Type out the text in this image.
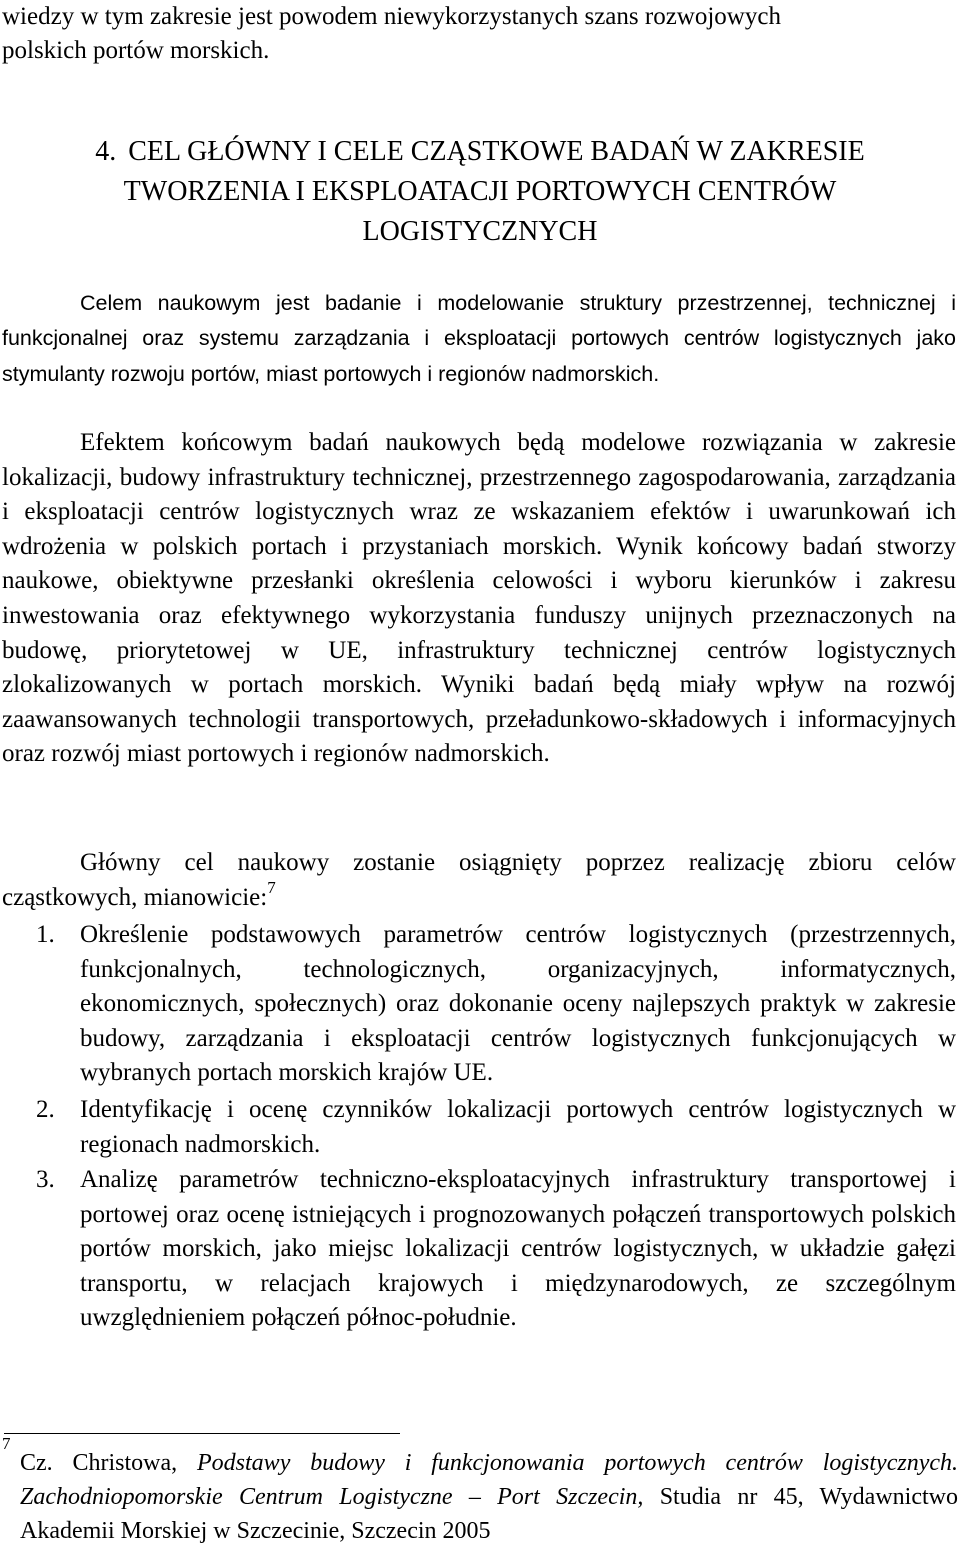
wiedzy w tym zakresie jest powodem niewykorzystanych szans rozwojowych
polskich portów morskich.
4. CEL GŁÓWNY I CELE CZĄSTKOWE BADAŃ W ZAKRESIE
TWORZENIA I EKSPLOATACJI PORTOWYCH CENTRÓW
LOGISTYCZNYCH

Celem naukowym jest badanie i modelowanie struktury przestrzennej, technicznej i funkcjonalnej oraz systemu zarządzania i eksploatacji portowych centrów logistycznych jako stymulanty rozwoju portów, miast portowych i regionów nadmorskich.

Efektem końcowym badań naukowych będą modelowe rozwiązania w zakresie lokalizacji, budowy infrastruktury technicznej, przestrzennego zagospodarowania, zarządzania i eksploatacji centrów logistycznych wraz ze wskazaniem efektów i uwarunkowań ich wdrożenia w polskich portach i przystaniach morskich. Wynik końcowy badań stworzy naukowe, obiektywne przesłanki określenia celowości i wyboru kierunków i zakresu inwestowania oraz efektywnego wykorzystania funduszy unijnych przeznaczonych na budowę, priorytetowej w UE, infrastruktury technicznej centrów logistycznych zlokalizowanych w portach morskich. Wyniki badań będą miały wpływ na rozwój zaawansowanych technologii transportowych, przeładunkowo-składowych i informacyjnych oraz rozwój miast portowych i regionów nadmorskich.

Główny cel naukowy zostanie osiągnięty poprzez realizację zbioru celów cząstkowych, mianowicie:$^7$

1.	Określenie podstawowych parametrów centrów logistycznych (przestrzennych, funkcjonalnych, technologicznych, organizacyjnych, informatycznych, ekonomicznych, społecznych) oraz dokonanie oceny najlepszych praktyk w zakresie budowy, zarządzania i eksploatacji centrów logistycznych funkcjonujących w wybranych portach morskich krajów UE.
2.	Identyfikację i ocenę czynników lokalizacji portowych centrów logistycznych w regionach nadmorskich.
3.	Analizę parametrów techniczno-eksploatacyjnych infrastruktury transportowej i portowej oraz ocenę istniejących i prognozowanych połączeń transportowych polskich portów morskich, jako miejsc lokalizacji centrów logistycznych, w układzie gałęzi transportu, w relacjach krajowych i międzynarodowych, ze szczególnym uwzględnieniem połączeń północ-południe.
7
Cz. Christowa, Podstawy budowy i funkcjonowania portowych centrów logistycznych. Zachodniopomorskie Centrum Logistyczne – Port Szczecin, Studia nr 45, Wydawnictwo Akademii Morskiej w Szczecinie, Szczecin 2005
